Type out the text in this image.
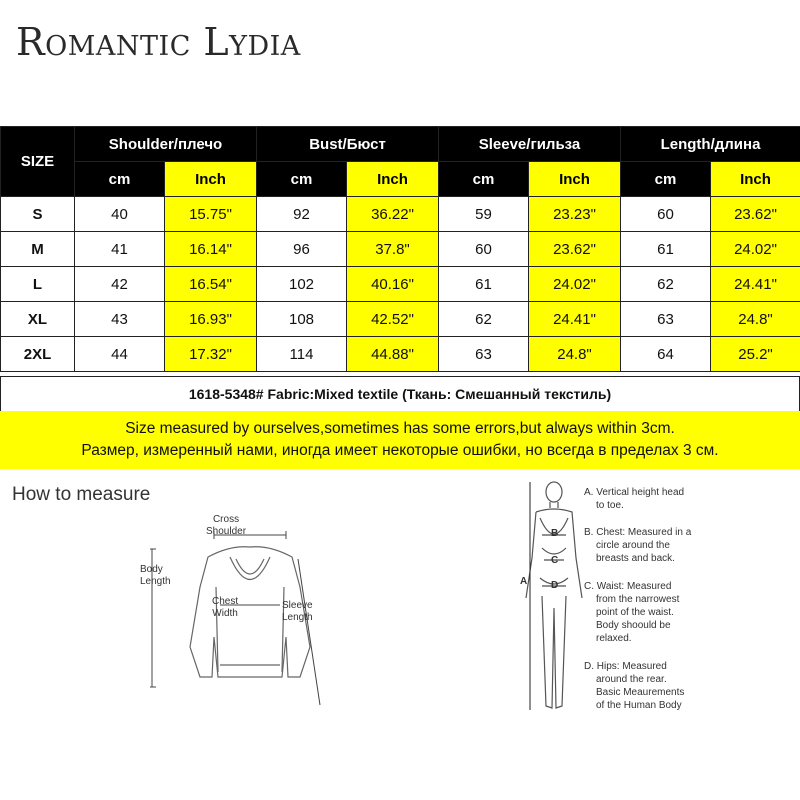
Romantic Lydia
SIZE	Shoulder/плечо		Bust/Бюст		Sleeve/гильза		Length/длина	
	cm	Inch	cm	Inch	cm	Inch	cm	Inch
S	40	15.75"	92	36.22"	59	23.23"	60	23.62"
M	41	16.14"	96	37.8"	60	23.62"	61	24.02"
L	42	16.54"	102	40.16"	61	24.02"	62	24.41"
XL	43	16.93"	108	42.52"	62	24.41"	63	24.8"
2XL	44	17.32"	114	44.88"	63	24.8"	64	25.2"
1618-5348# Fabric:Mixed textile (Ткань: Смешанный текстиль)
Size measured by ourselves,sometimes has some errors,but always within 3cm.
Размер, измеренный нами, иногда имеет некоторые ошибки, но всегда в пределах 3 см.
How to measure
Cross
Shoulder
Body
Length
Chest
Width
Sleeve
Length
A
B
C
D
A. Vertical height head
to toe.
B. Chest: Measured in a
circle around the
breasts and back.
C. Waist: Measured
from the narrowest
point of the waist.
Body shoould be
relaxed.
D. Hips: Measured
around the rear.
Basic Meaurements
of the Human Body
